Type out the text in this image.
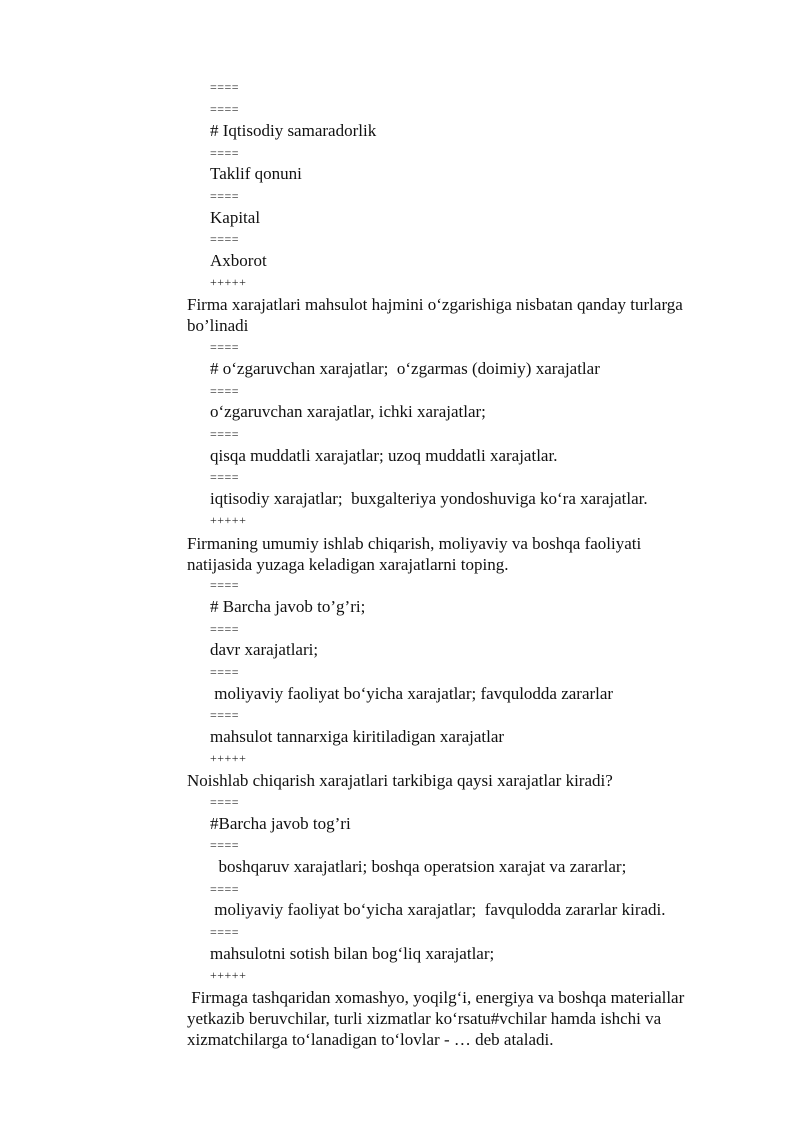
====
====
# Iqtisodiy samaradorlik
====
Taklif qonuni
====
Kapital
====
Axborot
+++++
Firma xarajatlari mahsulot hajmini o‘zgarishiga nisbatan qanday turlarga
bo’linadi
====
# o‘zgaruvchan xarajatlar;  o‘zgarmas (doimiy) xarajatlar
====
o‘zgaruvchan xarajatlar, ichki xarajatlar;
====
qisqa muddatli xarajatlar; uzoq muddatli xarajatlar.
====
iqtisodiy xarajatlar;  buxgalteriya yondoshuviga ko‘ra xarajatlar.
+++++
Firmaning umumiy ishlab chiqarish, moliyaviy va boshqa faoliyati
natijasida yuzaga keladigan xarajatlarni toping.
====
# Barcha javob to’g’ri;
====
davr xarajatlari;
====
moliyaviy faoliyat bo‘yicha xarajatlar; favqulodda zararlar
====
mahsulot tannarxiga kiritiladigan xarajatlar
+++++
Noishlab chiqarish xarajatlari tarkibiga qaysi xarajatlar kiradi?
====
#Barcha javob tog’ri
====
boshqaruv xarajatlari; boshqa operatsion xarajat va zararlar;
====
moliyaviy faoliyat bo‘yicha xarajatlar;  favqulodda zararlar kiradi.
====
mahsulotni sotish bilan bog‘liq xarajatlar;
+++++
Firmaga tashqaridan xomashyo, yoqilg‘i, energiya va boshqa materiallar
yetkazib beruvchilar, turli xizmatlar ko‘rsatu#vchilar hamda ishchi va
xizmatchilarga to‘lanadigan to‘lovlar - … deb ataladi.
